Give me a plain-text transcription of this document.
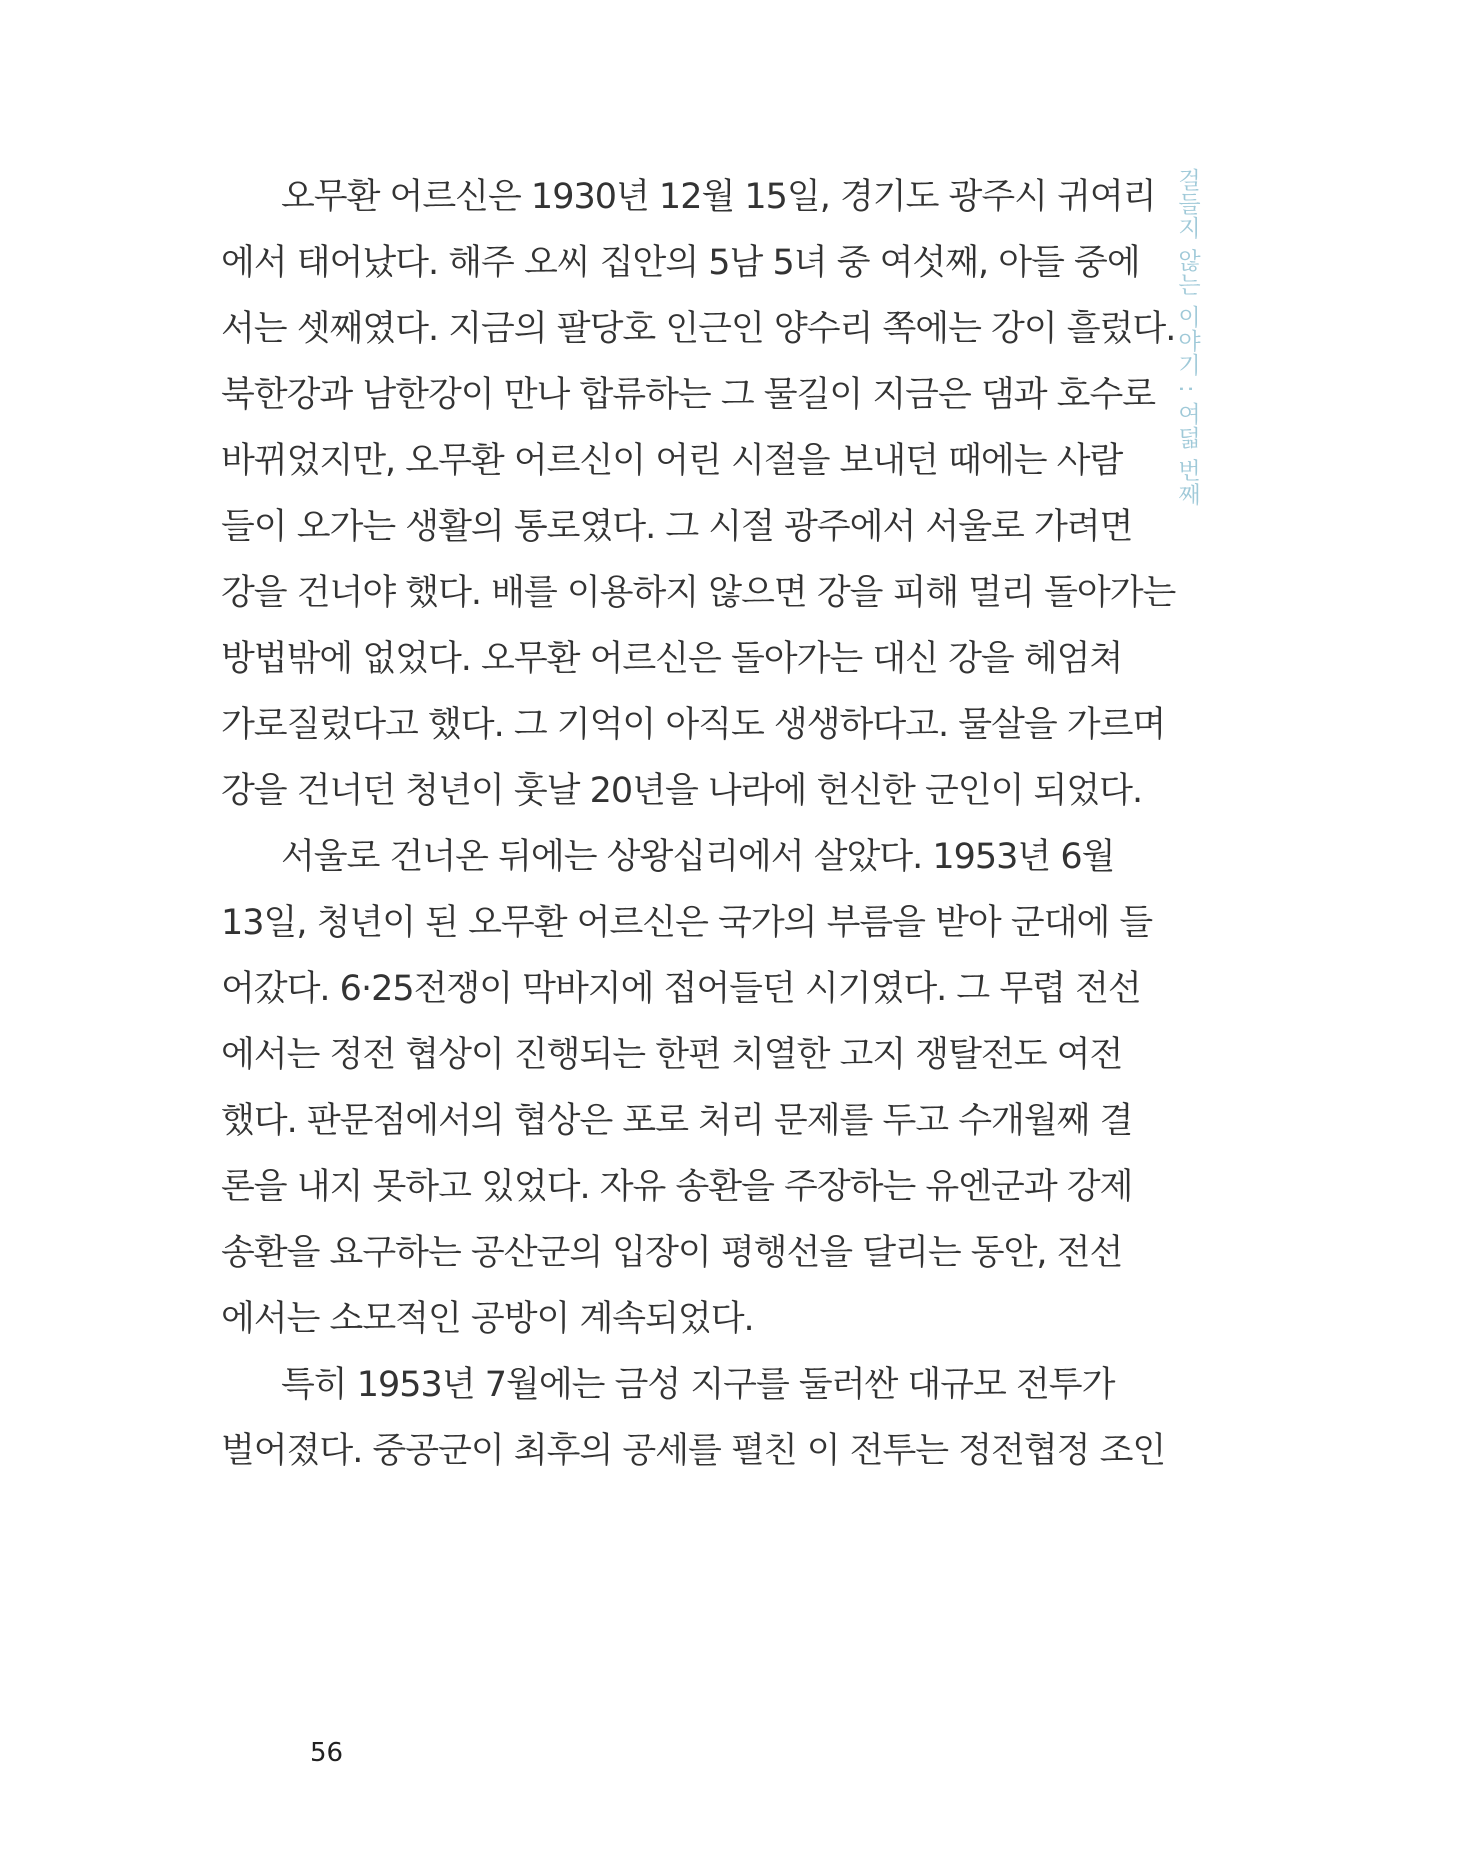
걸들지 않는 이야기 : 여덟 번째
오무환 어르신은 1930년 12월 15일, 경기도 광주시 귀여리
에서 태어났다. 해주 오씨 집안의 5남 5녀 중 여섯째, 아들 중에
서는 셋째였다. 지금의 팔당호 인근인 양수리 쪽에는 강이 흘렀다.
북한강과 남한강이 만나 합류하는 그 물길이 지금은 댐과 호수로
바뀌었지만, 오무환 어르신이 어린 시절을 보내던 때에는 사람
들이 오가는 생활의 통로였다. 그 시절 광주에서 서울로 가려면
강을 건너야 했다. 배를 이용하지 않으면 강을 피해 멀리 돌아가는
방법밖에 없었다. 오무환 어르신은 돌아가는 대신 강을 헤엄쳐
가로질렀다고 했다. 그 기억이 아직도 생생하다고. 물살을 가르며
강을 건너던 청년이 훗날 20년을 나라에 헌신한 군인이 되었다.
서울로 건너온 뒤에는 상왕십리에서 살았다. 1953년 6월
13일, 청년이 된 오무환 어르신은 국가의 부름을 받아 군대에 들
어갔다. 6·25전쟁이 막바지에 접어들던 시기였다. 그 무렵 전선
에서는 정전 협상이 진행되는 한편 치열한 고지 쟁탈전도 여전
했다. 판문점에서의 협상은 포로 처리 문제를 두고 수개월째 결
론을 내지 못하고 있었다. 자유 송환을 주장하는 유엔군과 강제
송환을 요구하는 공산군의 입장이 평행선을 달리는 동안, 전선
에서는 소모적인 공방이 계속되었다.
특히 1953년 7월에는 금성 지구를 둘러싼 대규모 전투가
벌어졌다. 중공군이 최후의 공세를 펼친 이 전투는 정전협정 조인
56
